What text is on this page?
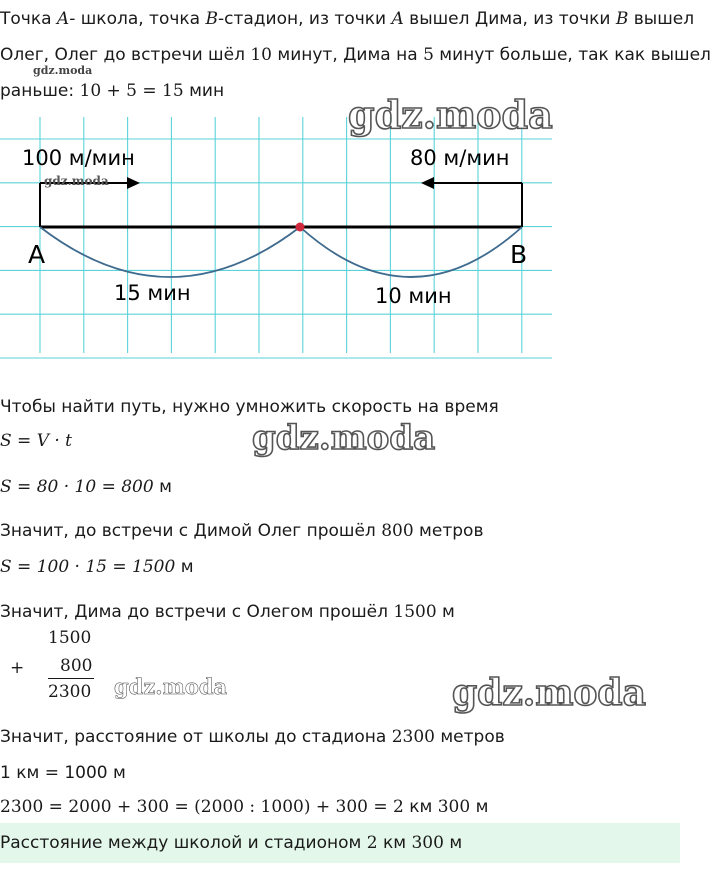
Точка A- школа, точка B-стадион, из точки A вышел Дима, из точки B вышел
Олег, Олег до встречи шёл 10 минут, Дима на 5 минут больше, так как вышел
gdz.moda
раньше: 10 + 5 = 15 мин
100 м/мин	80 м/мин
gdz.moda
A	B
15 мин	10 мин
gdz.moda
Чтобы найти путь, нужно умножить скорость на время
S = V · t	gdz.moda
S = 80 · 10 = 800 м
Значит, до встречи с Димой Олег прошёл 800 метров
S = 100 · 15 = 1500 м
Значит, Дима до встречи с Олегом прошёл 1500 м
1500
+ 800
2300 gdz.moda	gdz.moda
Значит, расстояние от школы до стадиона 2300 метров
1 км = 1000 м
2300 = 2000 + 300 = (2000 : 1000) + 300 = 2 км 300 м
Расстояние между школой и стадионом 2 км 300 м
